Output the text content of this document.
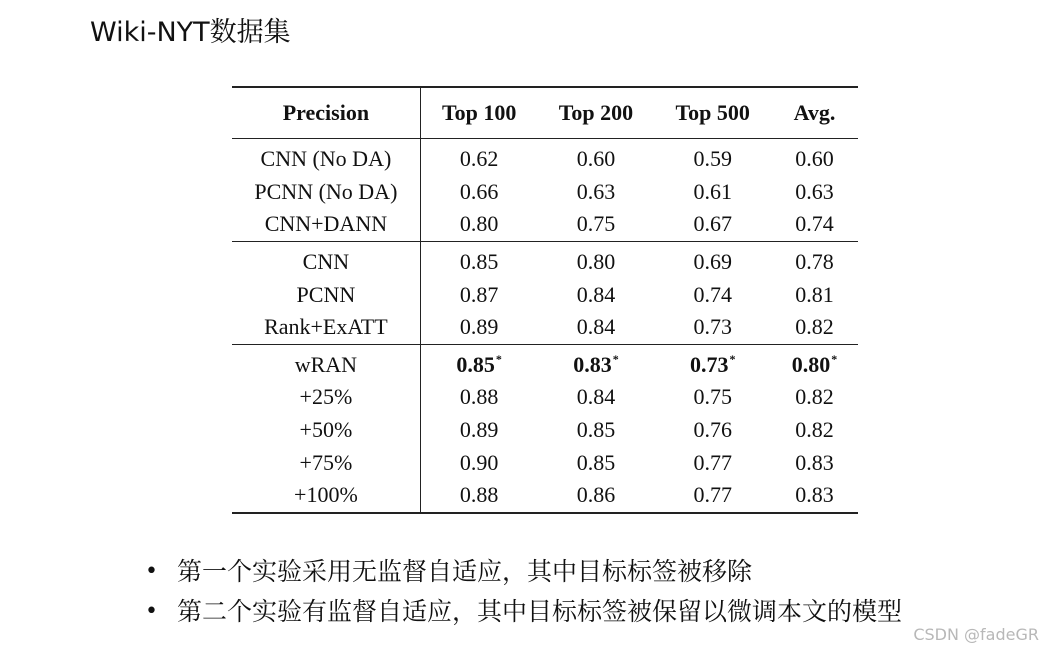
Wiki-NYT数据集
Precision	Top 100	Top 200	Top 500	Avg.
CNN (No DA)	0.62	0.60	0.59	0.60
PCNN (No DA)	0.66	0.63	0.61	0.63
CNN+DANN	0.80	0.75	0.67	0.74
CNN	0.85	0.80	0.69	0.78
PCNN	0.87	0.84	0.74	0.81
Rank+ExATT	0.89	0.84	0.73	0.82
wRAN	0.85*	0.83*	0.73*	0.80*
+25%	0.88	0.84	0.75	0.82
+50%	0.89	0.85	0.76	0.82
+75%	0.90	0.85	0.77	0.83
+100%	0.88	0.86	0.77	0.83
• 第一个实验采用无监督自适应，其中目标标签被移除
• 第二个实验有监督自适应，其中目标标签被保留以微调本文的模型
CSDN @fadeGR
